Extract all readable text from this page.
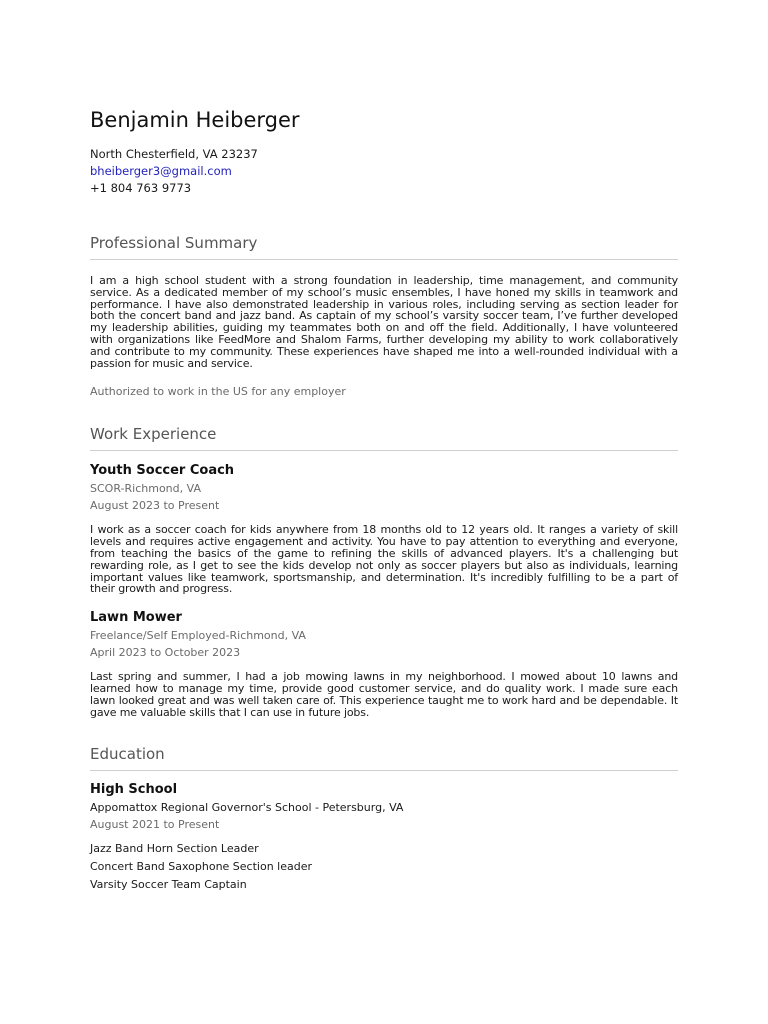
Benjamin Heiberger
North Chesterfield, VA 23237
bheiberger3@gmail.com
+1 804 763 9773
Professional Summary
I am a high school student with a strong foundation in leadership, time management, and community service. As a dedicated member of my school’s music ensembles, I have honed my skills in teamwork and performance. I have also demonstrated leadership in various roles, including serving as section leader for both the concert band and jazz band. As captain of my school’s varsity soccer team, I’ve further developed my leadership abilities, guiding my teammates both on and off the field. Additionally, I have volunteered with organizations like FeedMore and Shalom Farms, further developing my ability to work collaboratively and contribute to my community. These experiences have shaped me into a well-rounded individual with a passion for music and service.
Authorized to work in the US for any employer
Work Experience
Youth Soccer Coach
SCOR-Richmond, VA
August 2023 to Present
I work as a soccer coach for kids anywhere from 18 months old to 12 years old. It ranges a variety of skill levels and requires active engagement and activity. You have to pay attention to everything and everyone, from teaching the basics of the game to refining the skills of advanced players. It's a challenging but rewarding role, as I get to see the kids develop not only as soccer players but also as individuals, learning important values like teamwork, sportsmanship, and determination. It's incredibly fulfilling to be a part of their growth and progress.
Lawn Mower
Freelance/Self Employed-Richmond, VA
April 2023 to October 2023
Last spring and summer, I had a job mowing lawns in my neighborhood. I mowed about 10 lawns and learned how to manage my time, provide good customer service, and do quality work. I made sure each lawn looked great and was well taken care of. This experience taught me to work hard and be dependable. It gave me valuable skills that I can use in future jobs.
Education
High School
Appomattox Regional Governor's School - Petersburg, VA
August 2021 to Present
Jazz Band Horn Section Leader
Concert Band Saxophone Section leader
Varsity Soccer Team Captain
